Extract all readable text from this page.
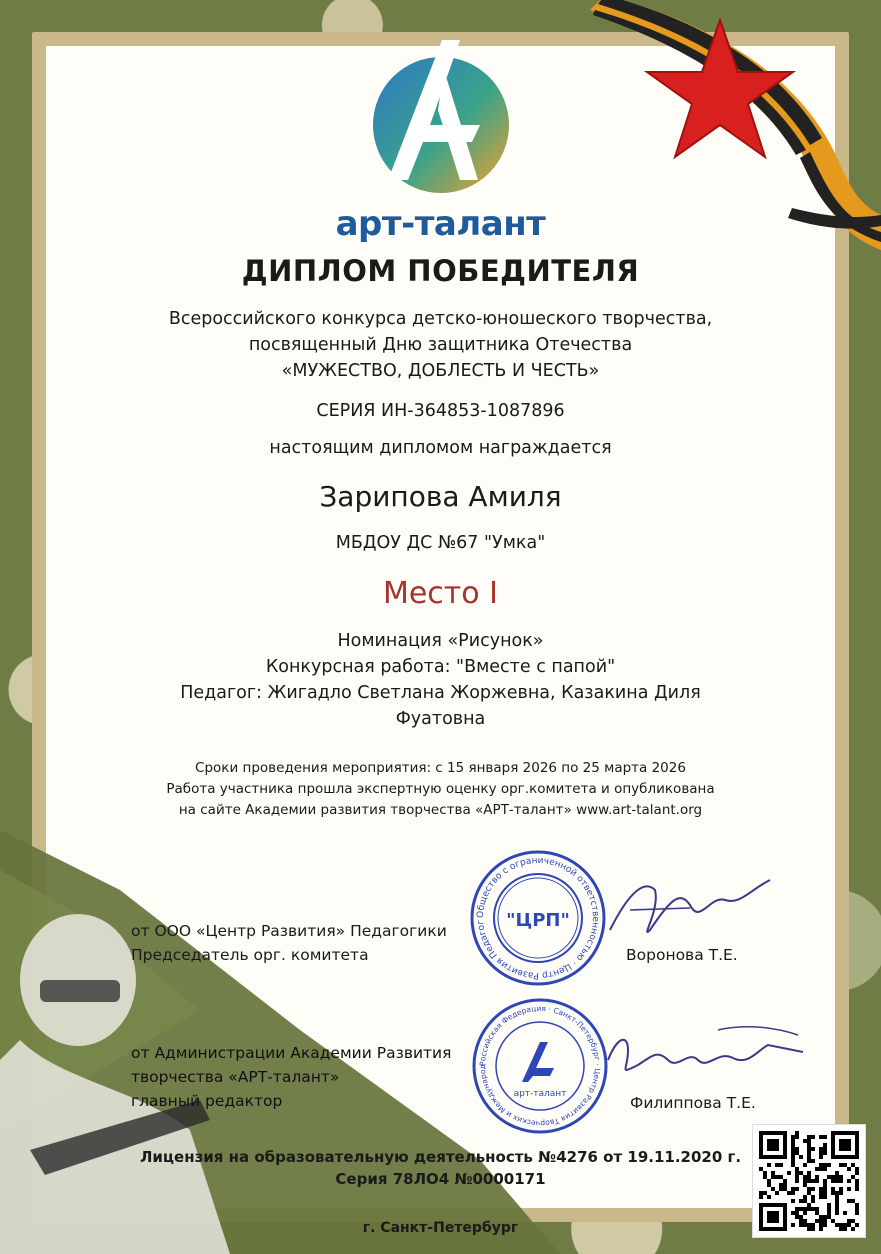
арт-талант
ДИПЛОМ ПОБЕДИТЕЛЯ
Всероссийского конкурса детско-юношеского творчества,
посвященный Дню защитника Отечества
«МУЖЕСТВО, ДОБЛЕСТЬ И ЧЕСТЬ»
СЕРИЯ ИН-364853-1087896
настоящим дипломом награждается
Зарипова Амиля
МБДОУ ДС №67 "Умка"
Место I
Номинация «Рисунок»
Конкурсная работа: "Вместе с папой"
Педагог: Жигадло Светлана Жоржевна, Казакина Диля
Фуатовна
Сроки проведения мероприятия: с 15 января 2026 по 25 марта 2026
Работа участника прошла экспертную оценку орг.комитета и опубликована
на сайте Академии развития творчества «АРТ-талант» www.art-talant.org
от ООО «Центр Развития» Педагогики
Председатель орг. комитета	Воронова Т.Е.
"ЦРП"
Общество с ограниченной ответственностью · Центр Развития Педагог
от Администрации Академии Развития
творчества «АРТ-талант»
главный редактор	Филиппова Т.Е.
арт-талант
Российская Федерация · Санкт-Петербург · Центр Развития Творческих и Международ
Лицензия на образовательную деятельность №4276 от 19.11.2020 г.
Серия 78ЛО4 №0000171
г. Санкт-Петербург
